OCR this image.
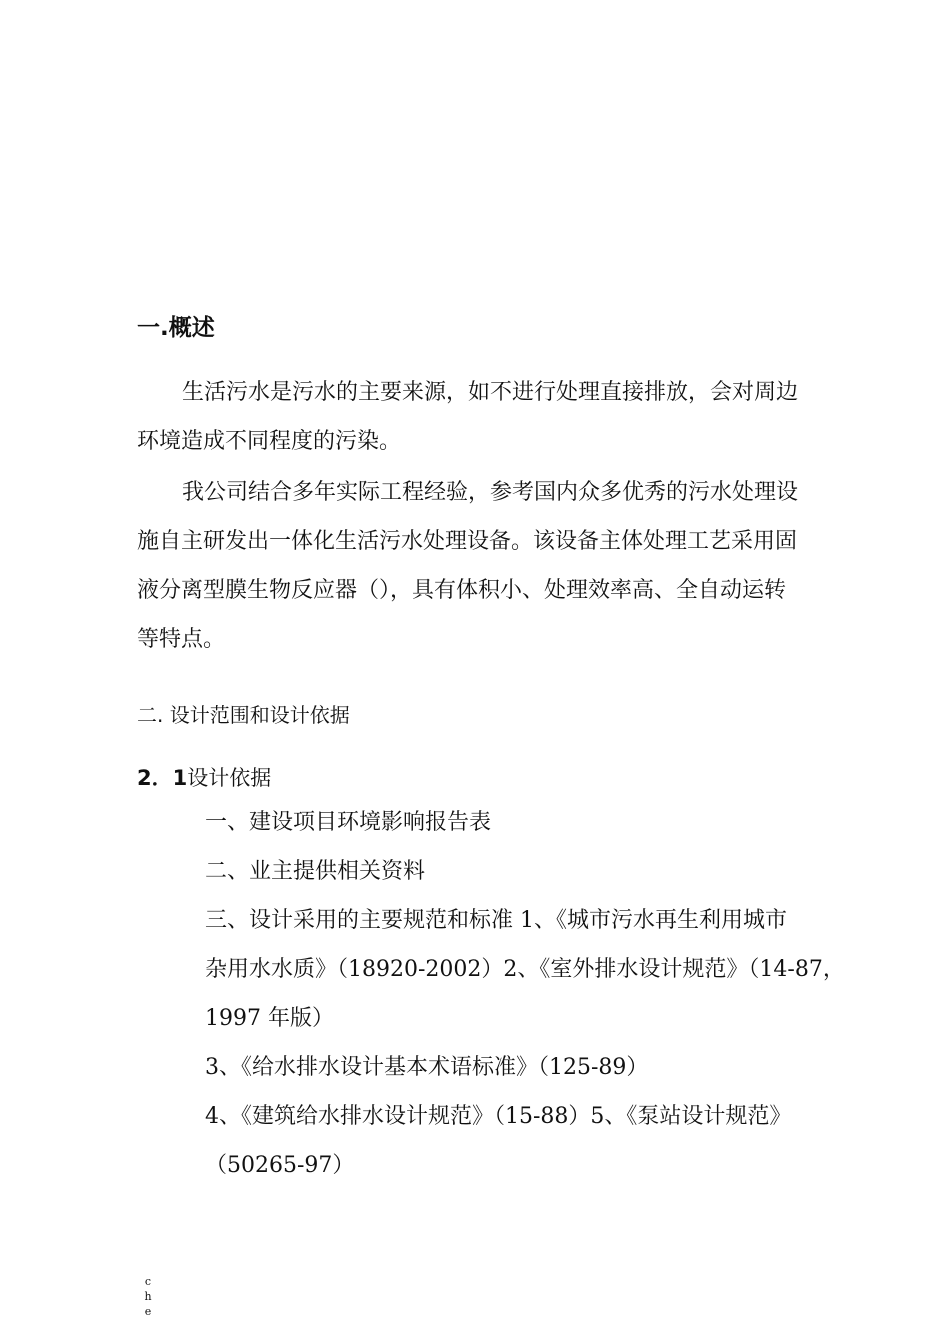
一.概述
生活污水是污水的主要来源，如不进行处理直接排放，会对周边
环境造成不同程度的污染。
我公司结合多年实际工程经验，参考国内众多优秀的污水处理设
施自主研发出一体化生活污水处理设备。该设备主体处理工艺采用固
液分离型膜生物反应器（），具有体积小、处理效率高、全自动运转
等特点。
二. 设计范围和设计依据
2．1设计依据
一、建设项目环境影响报告表
二、业主提供相关资料
三、设计采用的主要规范和标准 1、《城市污水再生利用城市
杂用水水质》（18920-2002）2、《室外排水设计规范》（14-87，
1997 年版）
3、《给水排水设计基本术语标准》（125-89）
4、《建筑给水排水设计规范》（15-88）5、《泵站设计规范》
（50265-97）
c
h
e
